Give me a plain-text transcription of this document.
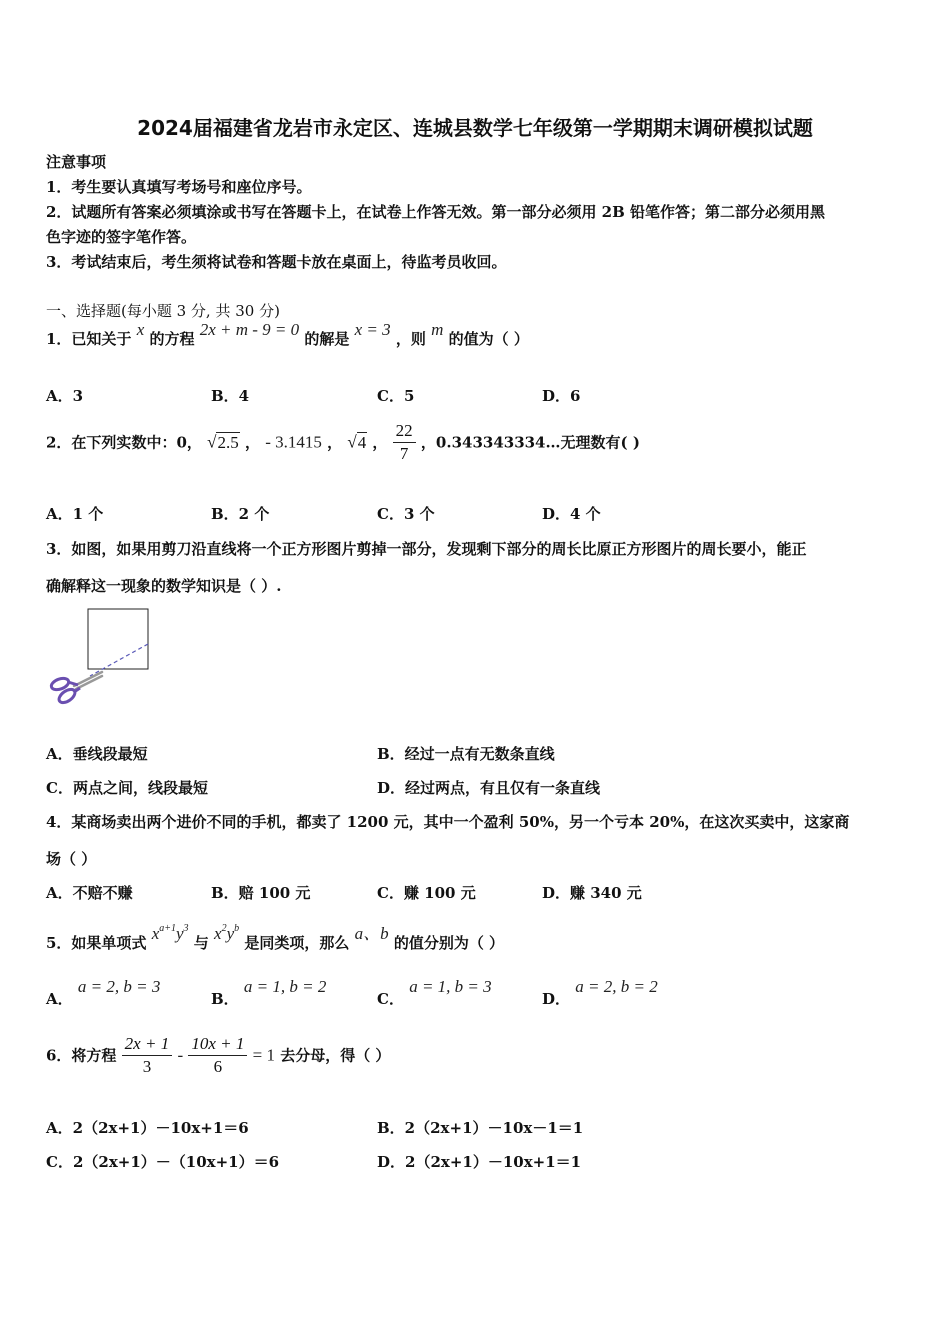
2024届福建省龙岩市永定区、连城县数学七年级第一学期期末调研模拟试题
注意事项
1．考生要认真填写考场号和座位序号。
2．试题所有答案必须填涂或书写在答题卡上，在试卷上作答无效。第一部分必须用 2B 铅笔作答；第二部分必须用黑
色字迹的签字笔作答。
3．考试结束后，考生须将试卷和答题卡放在桌面上，待监考员收回。
一、选择题(每小题 3 分, 共 30 分)
1．已知关于 x 的方程 2x + m - 9 = 0 的解是 x = 3 ，则 m 的值为（ ）
A．3	B．4	C．5	D．6
2．在下列实数中：0， √2.5 ， - 3.1415 ， √4 ， $\frac{22}{7}$ ，0.343343334…无理数有( )
A．1 个	B．2 个	C．3 个	D．4 个
3．如图，如果用剪刀沿直线将一个正方形图片剪掉一部分，发现剩下部分的周长比原正方形图片的周长要小，能正
确解释这一现象的数学知识是（ ）.
A．垂线段最短	B．经过一点有无数条直线
C．两点之间，线段最短	D．经过两点，有且仅有一条直线
4．某商场卖出两个进价不同的手机，都卖了 1200 元，其中一个盈利 50%，另一个亏本 20%，在这次买卖中，这家商
场（ ）
A．不赔不赚	B．赔 100 元	C．赚 100 元	D．赚 340 元
5．如果单项式 $x^{a+1}y^3$ 与 $x^2y^b$ 是同类项，那么 a、b 的值分别为（ ）
A． a = 2, b = 3
B． a = 1, b = 2
C． a = 1, b = 3
D． a = 2, b = 2
6．将方程 $\frac{2x + 1}{3} - \frac{10x + 1}{6} = 1$ 去分母，得（ ）
A．2（2x+1）－10x+1＝6	B．2（2x+1）－10x－1＝1
C．2（2x+1）－（10x+1）＝6	D．2（2x+1）－10x+1＝1
